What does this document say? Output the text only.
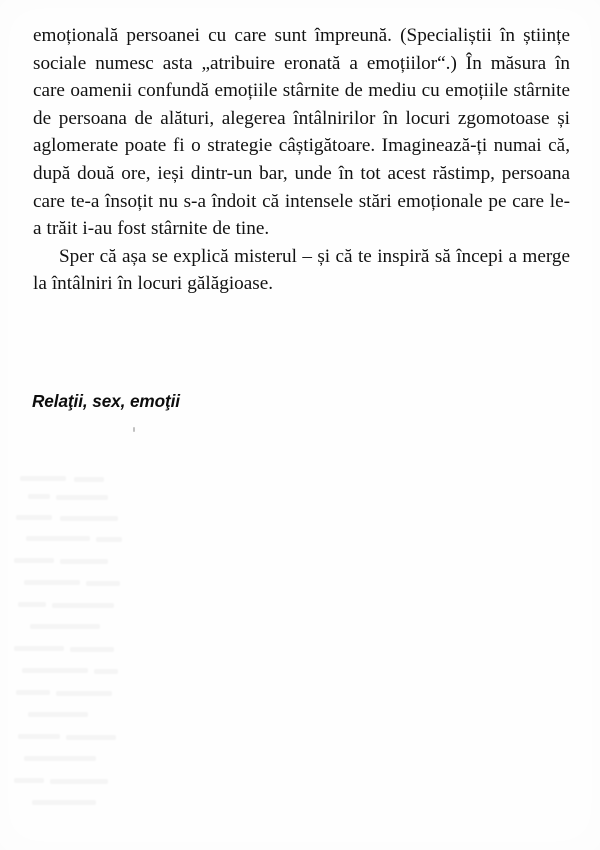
emoțională persoanei cu care sunt împreună. (Specialiștii în științe sociale numesc asta „atribuire eronată a emoțiilor“.) În măsura în care oamenii confundă emoțiile stârnite de mediu cu emoțiile stârnite de persoana de alături, alegerea întâlnirilor în locuri zgomotoase și aglomerate poate fi o strategie câștigătoare. Imaginează-ți numai că, după două ore, ieși dintr-un bar, unde în tot acest răstimp, persoana care te-a însoțit nu s-a îndoit că intensele stări emoționale pe care le-a trăit i-au fost stârnite de tine.

Sper că așa se explică misterul – și că te inspiră să începi a merge la întâlniri în locuri gălăgioase.

Relaţii, sex, emoţii
